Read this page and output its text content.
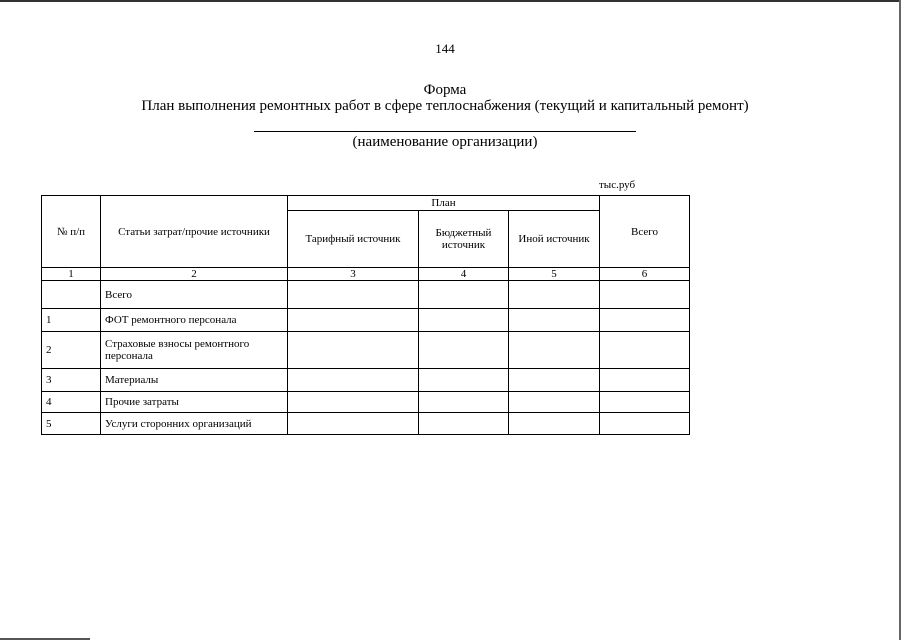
144
Форма
План выполнения ремонтных работ в сфере теплоснабжения (текущий и капитальный ремонт)
(наименование организации)
тыс.руб
№ п/п	Статьи затрат/прочие источники	План			Всего
		Тарифный источник	Бюджетный источник	Иной источник	
1	2	3	4	5	6
	Всего				
1	ФОТ ремонтного персонала				
2	Страховые взносы ремонтного персонала				
3	Материалы				
4	Прочие затраты				
5	Услуги сторонних организаций				
